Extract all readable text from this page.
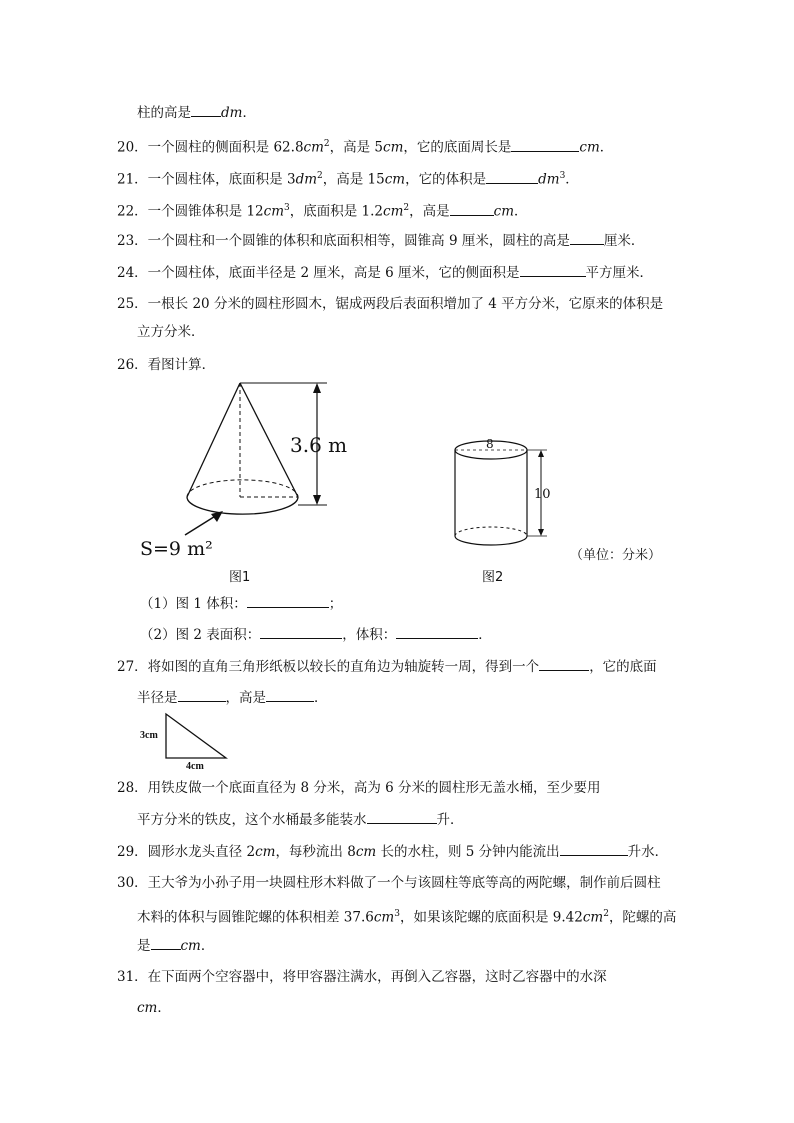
柱的高是 dm．
20．一个圆柱的侧面积是 $62.8cm^2$，高是 5cm，它的底面周长是	cm．
21．一个圆柱体，底面积是 $3dm^2$，高是 15cm，它的体积是	$dm^3$．
22．一个圆锥体积是 $12cm^3$，底面积是 $1.2cm^2$，高是	cm．
23．一个圆柱和一个圆锥的体积和底面积相等，圆锥高 9 厘米，圆柱的高是	厘米．
24．一个圆柱体，底面半径是 2 厘米，高是 6 厘米，它的侧面积是	平方厘米．
25．一根长 20 分米的圆柱形圆木，锯成两段后表面积增加了 4 平方分米，它原来的体积是
立方分米．
26．看图计算．
3.6 m
S=9 m²
图1
8
10
（单位：分米）
图2
（1）图 1 体积：	；
（2）图 2 表面积：	，体积：	．
27．将如图的直角三角形纸板以较长的直角边为轴旋转一周，得到一个	，它的底面
半径是	，高是	．
3cm
4cm
28．用铁皮做一个底面直径为 8 分米，高为 6 分米的圆柱形无盖水桶，至少要用
平方分米的铁皮，这个水桶最多能装水	升．
29．圆形水龙头直径 2cm，每秒流出 8cm 长的水柱，则 5 分钟内能流出	升水．
30．王大爷为小孙子用一块圆柱形木料做了一个与该圆柱等底等高的两陀螺，制作前后圆柱
木料的体积与圆锥陀螺的体积相差 $37.6cm^3$，如果该陀螺的底面积是 $9.42cm^2$，陀螺的高
是 cm．
31．在下面两个空容器中，将甲容器注满水，再倒入乙容器，这时乙容器中的水深
cm．
